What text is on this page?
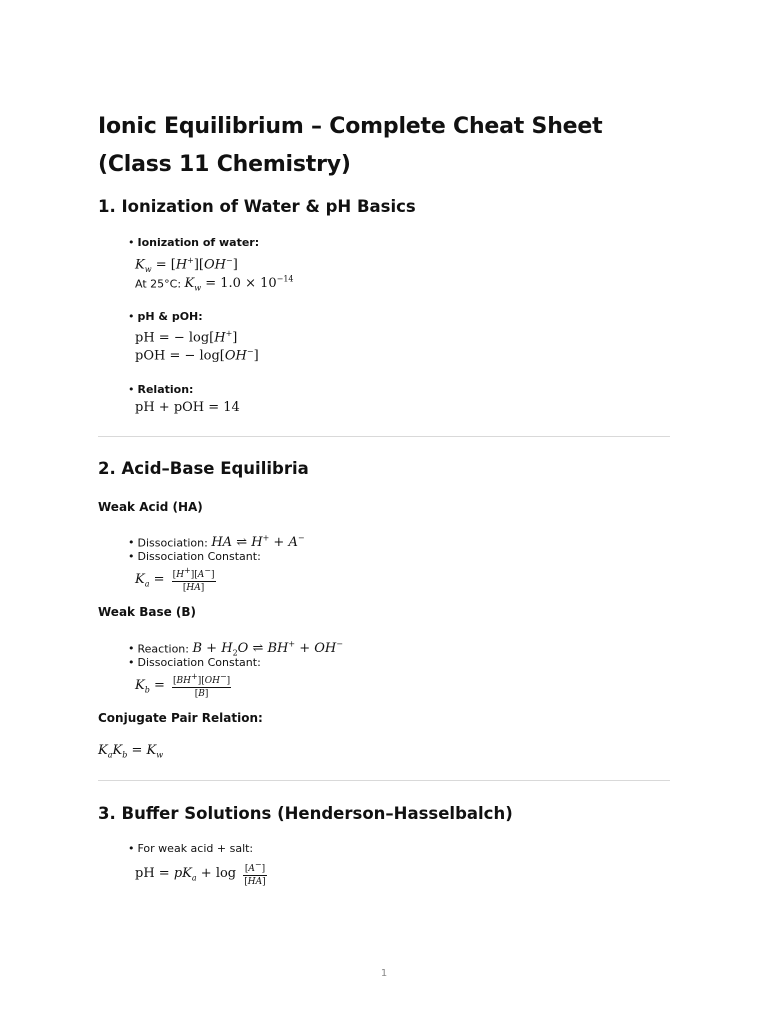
Ionic Equilibrium – Complete Cheat Sheet (Class 11 Chemistry)
1. Ionization of Water & pH Basics
• Ionization of water:
$K_w = [H^+][OH^-]$
At 25°C: $K_w = 1.0 \times 10^{-14}$
• pH & pOH:
pH = − log[H+]
pOH = − log[OH−]
• Relation:
pH + pOH = 14
2. Acid–Base Equilibria
Weak Acid (HA)
• Dissociation: HA ⇌ H+ + A−
• Dissociation Constant:
$K_a = \frac{[H^+][A^-]}{[HA]}$
Weak Base (B)
• Reaction: $B + H_2O$ ⇌ BH+ + OH−
• Dissociation Constant:
$K_b = \frac{[BH^+][OH^-]}{[B]}$
Conjugate Pair Relation:
$K_aK_b = K_w$
3. Buffer Solutions (Henderson–Hasselbalch)
• For weak acid + salt:
pH = $pK_a + \log \frac{[A^-]}{[HA]}$
1
